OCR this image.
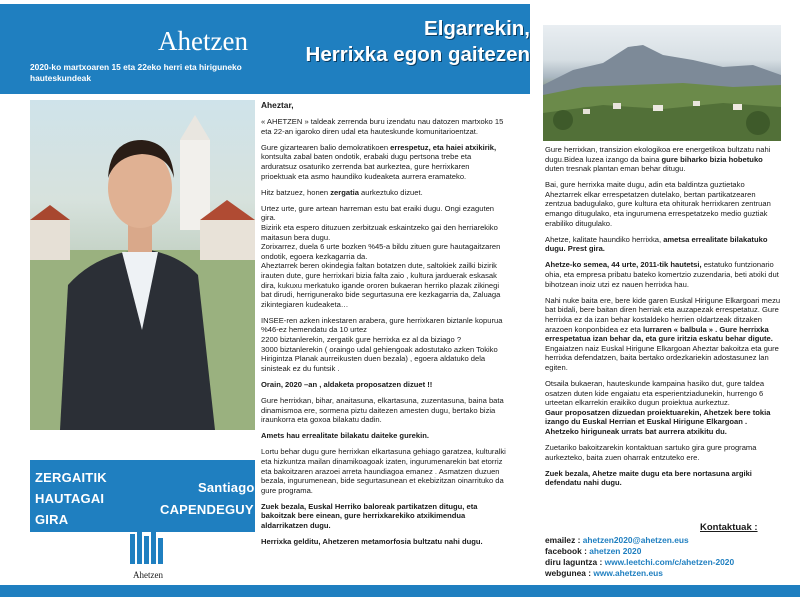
Ahetzen
2020-ko martxoaren 15 eta 22eko herri eta hiriguneko hauteskundeak
Elgarrekin,
Herrixka egon gaitezen
ZERGAITIK
HAUTAGAI
GIRA
Santiago
CAPENDEGUY
Ahetzen

Aheztar,

« AHETZEN » taldeak zerrenda buru izendatu nau datozen martxoko 15 eta 22-an igaroko diren udal eta hauteskunde komunitarioentzat.

Gure gizartearen balio demokratikoen errespetuz, eta haiei atxikirik, kontsulta zabal baten ondotik, erabaki dugu pertsona trebe eta arduratsuz osaturiko zerrenda bat aurkeztea, gure herrixkaren prioektuak eta asmo haundiko kudeaketa aurrera eramateko.

Hitz batzuez, honen zergatia aurkeztuko dizuet.

Urtez urte, gure artean harreman estu bat eraiki dugu. Ongi ezaguten gira.
Bizirik eta espero dituzuen zerbitzuak eskaintzeko gai den herriarekiko maitasun bera dugu.
Zorixarrez, duela 6 urte bozken %45-a bildu zituen gure hautagaitzaren ondotik, egoera kezkagarria da.
Aheztarrek beren okindegia faltan botatzen dute, saltokiek zailki bizirik irauten dute, gure herrixkari bizia falta zaio , kultura jarduerak eskasak dira, kukuxu merkatuko igande ororen bukaeran herriko plazak zikinegi bat dirudi, herrigunerako bide segurtasuna ere kezkagarria da, Zaluaga zikintegiaren kudeaketa…

INSEE-ren azken inkestaren arabera, gure herrixkaren biztanle kopurua %46-ez hemendatu da 10 urtez
2200 biztanlerekin, zergatik gure herrixka ez al da biziago ?
3000 biztanlerekin ( oraingo udal gehiengoak adostutako azken Tokiko Hirigintza Planak aurreikusten duen bezala) , egoera aldatuko dela sinisteak ez du funtsik .

Orain, 2020 –an , aldaketa proposatzen dizuet !!

Gure herrixkan, bihar, anaitasuna, elkartasuna, zuzentasuna, baina bata dinamismoa ere, sormena piztu daitezen amesten dugu, bertako bizia iraunkorra eta goxoa bilakatu dadin.

Amets hau errealitate bilakatu daiteke gurekin.

Lortu behar dugu gure herrixkan elkartasuna gehiago garatzea, kulturalki eta hizkuntza mailan dinamikoagoak izaten, ingurumenarekin bat etorriz eta bakoitzaren arazoei arreta haundiagoa emanez . Asmatzen duzuen bezala, ingurumenean, bide segurtasunean et ekebizitzan oinarrituko da gure programa.

Zuek bezala, Euskal Herriko baloreak partikatzen ditugu, eta bakoitzak bere einean, gure herrixkarekiko atxikimendua aldarrikatzen dugu.

Herrixka gelditu, Ahetzeren metamorfosia bultzatu nahi dugu.

Gure herrixkan, transizion ekologikoa ere energetikoa bultzatu nahi dugu.Bidea luzea izango da baina gure biharko bizia hobetuko duten tresnak plantan eman behar ditugu.

Bai, gure herrixka maite dugu, adin eta baldintza guztietako Aheztarrek elkar errespetatzen dutelako, bertan partikatzearen zentzua badugulako, gure kultura eta ohiturak herrixkaren zentruan emango ditugulako, eta ingurumena errespetatzeko medio guztiak erabiliko ditugulako.

Ahetze, kalitate haundiko herrixka, ametsa errealitate bilakatuko dugu. Prest gira.

Ahetze-ko semea, 44 urte, 2011-tik hautetsi, estatuko funtzionario ohia, eta empresa pribatu bateko komertzio zuzendaria, beti atxiki dut bihotzean inoiz utzi ez nauen herrixka hau.

Nahi nuke baita ere, bere kide garen Euskal Hirigune Elkargoari mezu bat bidali, bere baitan diren herriak eta auzapezak errespetatuz. Gure herrixka ez da izan behar kostaldeko herrien oldartzeak ditzaken arazoen konponbidea ez eta lurraren « balbula » . Gure herrixka errespetatua izan behar da, eta gure iritzia eskatu behar digute. Engaiatzen naiz Euskal Hirigune Elkargoan Aheztar bakoitza eta gure herrixka defendatzen, baita bertako ordezkariekin adostasunez lan egiten.

Otsaila bukaeran, hauteskunde kampaina hasiko dut, gure taldea osatzen duten kide engaiatu eta esperientziadunekin, hurrengo 6 urteetan elkarrekin eraikiko dugun proiektua aurkeztuz.
Gaur proposatzen dizuedan proiektuarekin, Ahetzek bere tokia izango du Euskal Herrian et Euskal Hirigune Elkargoan . Ahetzeko hiriguneak urrats bat aurrera atxikitu du.

Zuetariko bakoitzarekin kontaktuan sartuko gira gure programa aurkezteko, baita zuen oharrak entzuteko ere.

Zuek bezala, Ahetze maite dugu eta bere nortasuna argiki defendatu nahi dugu.

Kontaktuak :
emailez : ahetzen2020@ahetzen.eus
facebook : ahetzen 2020
diru laguntza : www.leetchi.com/c/ahetzen-2020
webgunea : www.ahetzen.eus
